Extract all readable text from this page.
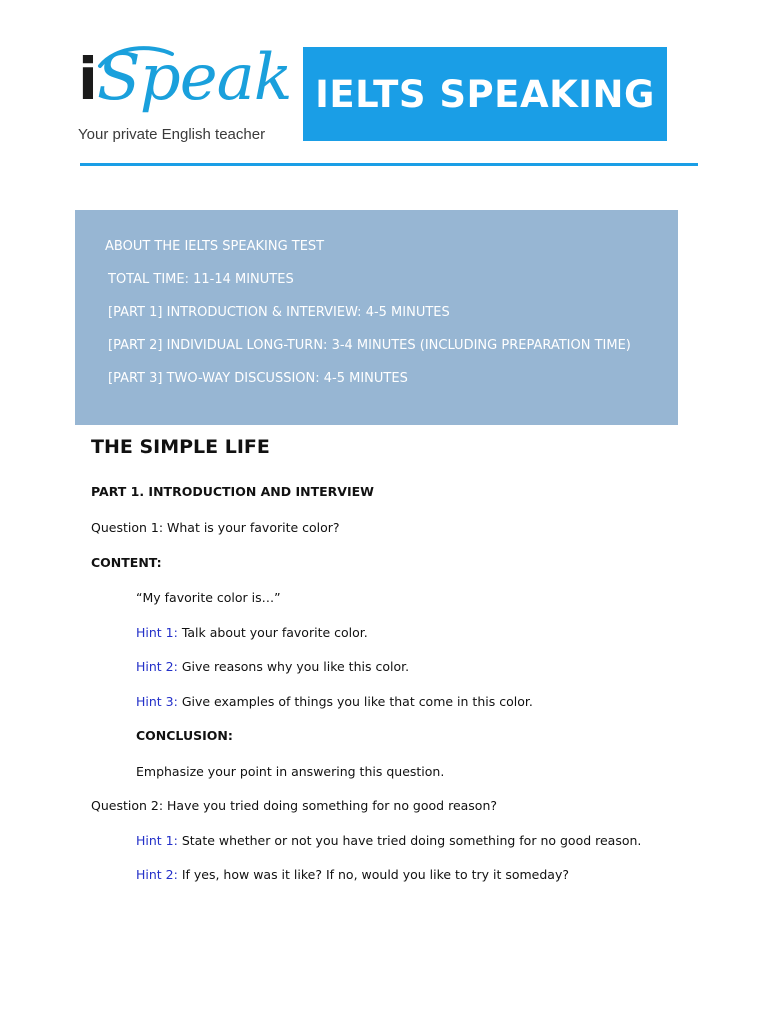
iSpeak
Your private English teacher
IELTS SPEAKING
ABOUT THE IELTS SPEAKING TEST
TOTAL TIME: 11-14 MINUTES
[PART 1] INTRODUCTION & INTERVIEW: 4-5 MINUTES
[PART 2] INDIVIDUAL LONG-TURN: 3-4 MINUTES (INCLUDING PREPARATION TIME)
[PART 3] TWO-WAY DISCUSSION: 4-5 MINUTES
THE SIMPLE LIFE
PART 1. INTRODUCTION AND INTERVIEW
Question 1: What is your favorite color?
CONTENT:
“My favorite color is…”
Hint 1: Talk about your favorite color.
Hint 2: Give reasons why you like this color.
Hint 3: Give examples of things you like that come in this color.
CONCLUSION:
Emphasize your point in answering this question.
Question 2: Have you tried doing something for no good reason?
Hint 1: State whether or not you have tried doing something for no good reason.
Hint 2: If yes, how was it like? If no, would you like to try it someday?
